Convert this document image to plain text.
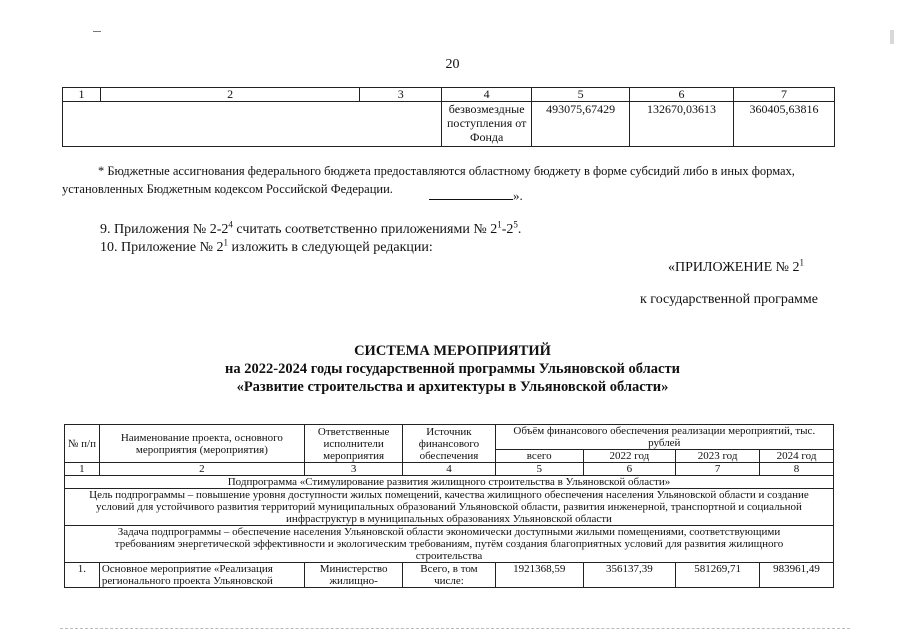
20
1	2	3	4	5	6	7
			безвозмездные поступления от Фонда	493075,67429	132670,03613	360405,63816
* Бюджетные ассигнования федерального бюджета предоставляются областному бюджету в форме субсидий либо в иных формах, установленных Бюджетным кодексом Российской Федерации.	».
9. Приложения № $2-2^4$ считать соответственно приложениями № $2^1-2^5$.
10. Приложение № $2^1$ изложить в следующей редакции:
«ПРИЛОЖЕНИЕ № $2^1$
к государственной программе
СИСТЕМА МЕРОПРИЯТИЙ
на 2022-2024 годы государственной программы Ульяновской области
«Развитие строительства и архитектуры в Ульяновской области»
№ п/п	Наименование проекта, основного мероприятия (мероприятия)	Ответственные исполнители мероприятия	Источник финансового обеспечения	Объём финансового обеспечения реализации мероприятий, тыс. рублей			
				всего	2022 год	2023 год	2024 год
1	2	3	4	5	6	7	8
Подпрограмма «Стимулирование развития жилищного строительства в Ульяновской области»							
Цель подпрограммы – повышение уровня доступности жилых помещений, качества жилищного обеспечения населения Ульяновской области и создание условий для устойчивого развития территорий муниципальных образований Ульяновской области, развития инженерной, транспортной и социальной инфраструктур в муниципальных образованиях Ульяновской области							
Задача подпрограммы – обеспечение населения Ульяновской области экономически доступными жилыми помещениями, соответствующими требованиям энергетической эффективности и экологическим требованиям, путём создания благоприятных условий для развития жилищного строительства							
1.	Основное мероприятие «Реализация регионального проекта Ульяновской	Министерство жилищно-	Всего, в том числе:	1921368,59	356137,39	581269,71	983961,49
